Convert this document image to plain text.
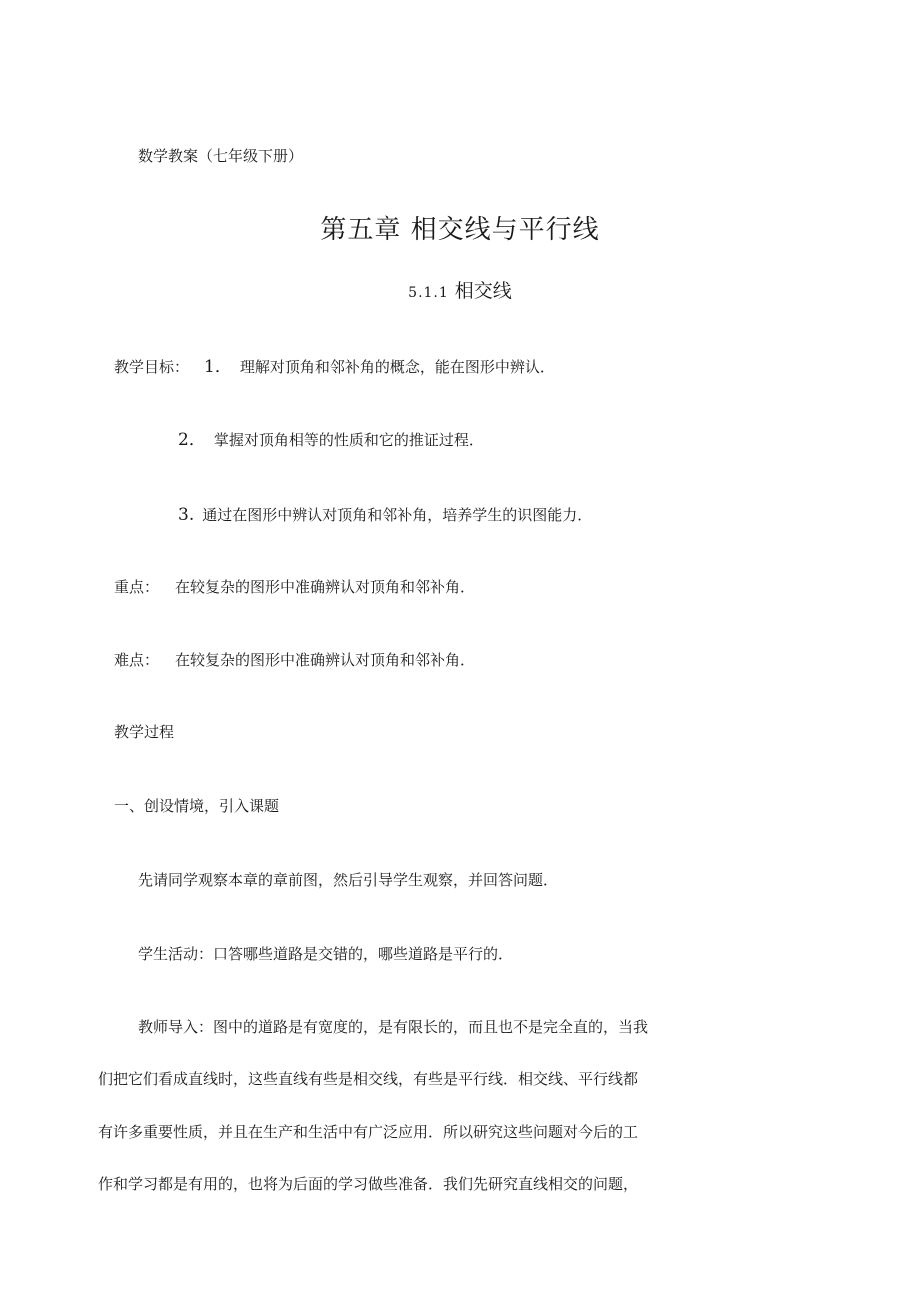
数学教案（七年级下册）
第五章 相交线与平行线
5.1.1 相交线
教学目标： 1． 理解对顶角和邻补角的概念，能在图形中辨认．
2． 掌握对顶角相等的性质和它的推证过程．
3. 通过在图形中辨认对顶角和邻补角，培养学生的识图能力．
重点： 在较复杂的图形中准确辨认对顶角和邻补角．
难点： 在较复杂的图形中准确辨认对顶角和邻补角．
教学过程
一、创设情境，引入课题
先请同学观察本章的章前图，然后引导学生观察，并回答问题．
学生活动：口答哪些道路是交错的，哪些道路是平行的．
教师导入：图中的道路是有宽度的，是有限长的，而且也不是完全直的，当我
们把它们看成直线时，这些直线有些是相交线，有些是平行线．相交线、平行线都
有许多重要性质，并且在生产和生活中有广泛应用．所以研究这些问题对今后的工
作和学习都是有用的，也将为后面的学习做些准备．我们先研究直线相交的问题，
